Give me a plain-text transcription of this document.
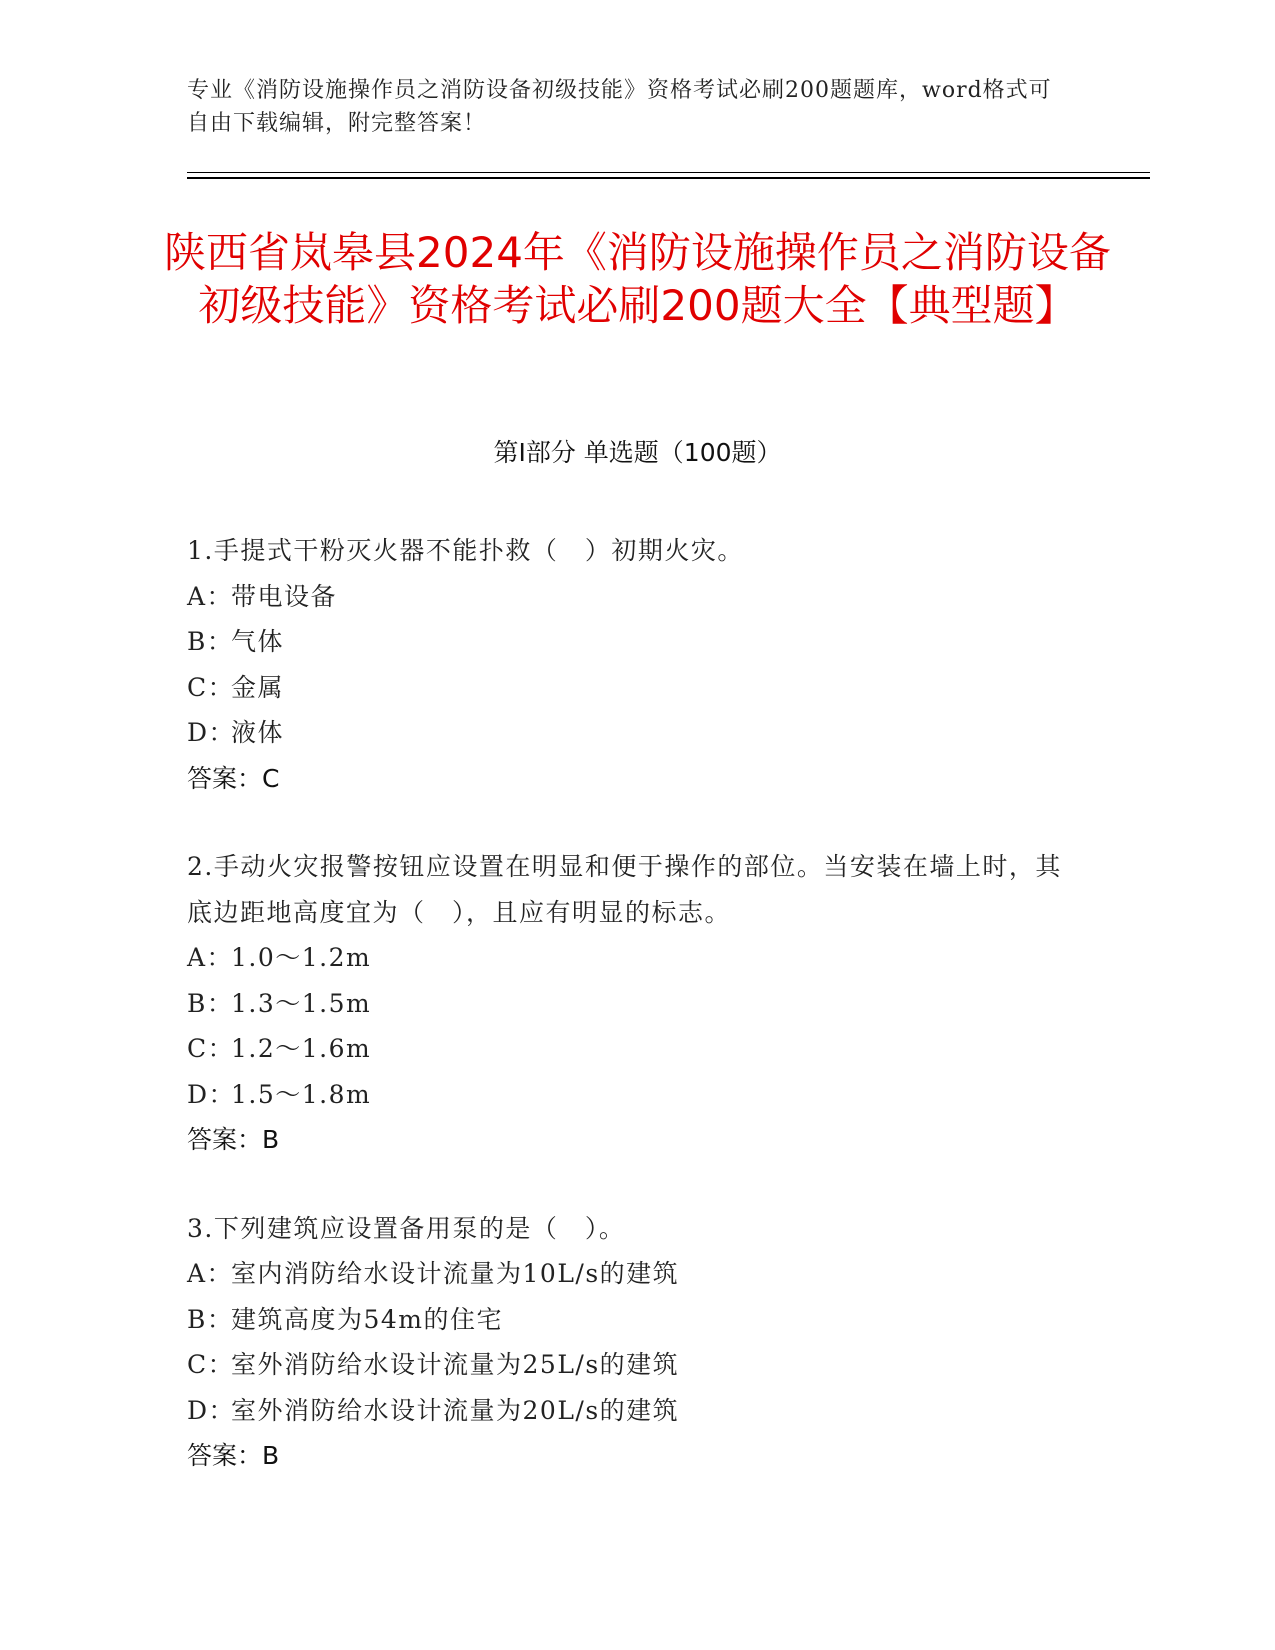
专业《消防设施操作员之消防设备初级技能》资格考试必刷200题题库，word格式可自由下载编辑，附完整答案！
陕西省岚皋县2024年《消防设施操作员之消防设备初级技能》资格考试必刷200题大全【典型题】
第I部分 单选题（100题）
1.手提式干粉灭火器不能扑救（　）初期火灾。
A：带电设备
B：气体
C：金属
D：液体
答案：C
2.手动火灾报警按钮应设置在明显和便于操作的部位。当安装在墙上时，其底边距地高度宜为（　），且应有明显的标志。
A：1.0～1.2m
B：1.3～1.5m
C：1.2～1.6m
D：1.5～1.8m
答案：B
3.下列建筑应设置备用泵的是（　）。
A：室内消防给水设计流量为10L/s的建筑
B：建筑高度为54m的住宅
C：室外消防给水设计流量为25L/s的建筑
D：室外消防给水设计流量为20L/s的建筑
答案：B
